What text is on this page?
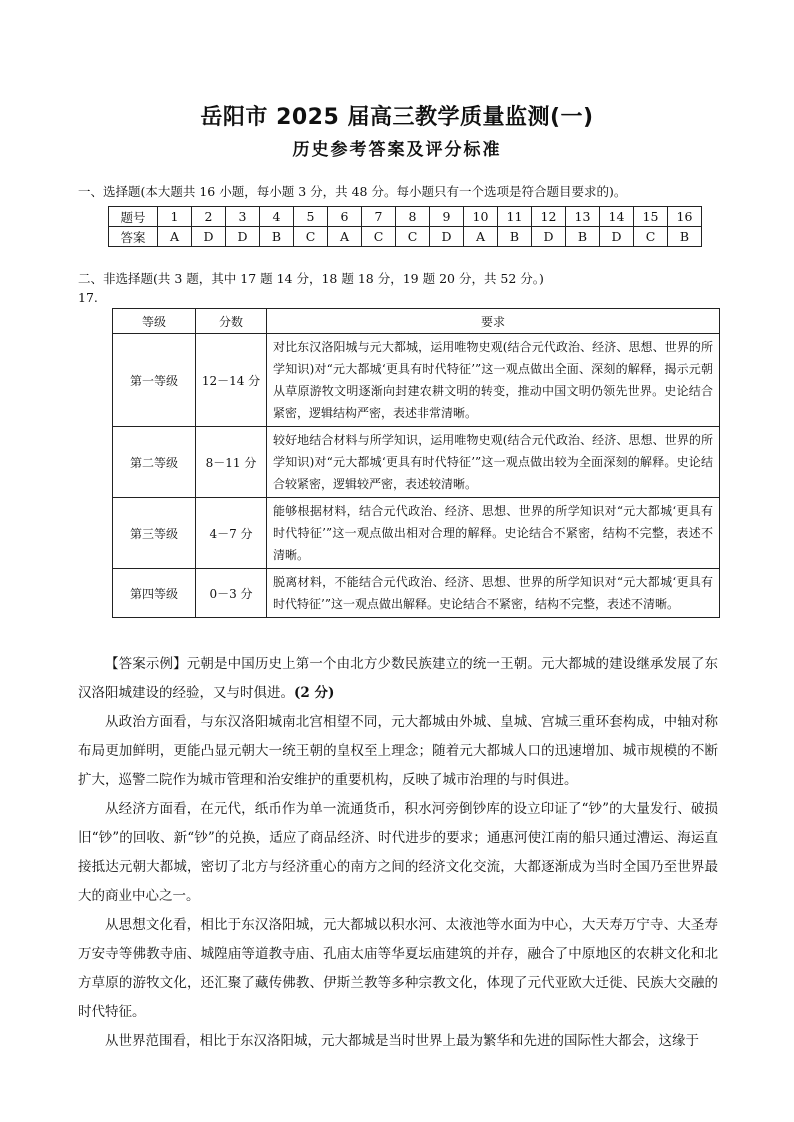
岳阳市 2025 届高三教学质量监测(一)
历史参考答案及评分标准
一、选择题(本大题共 16 小题，每小题 3 分，共 48 分。每小题只有一个选项是符合题目要求的)。
题号	1	2	3	4	5	6	7	8	9	10	11	12	13	14	15	16
答案	A	D	D	B	C	A	C	C	D	A	B	D	B	D	C	B
二、非选择题(共 3 题，其中 17 题 14 分，18 题 18 分，19 题 20 分，共 52 分。)
17.
等级	分数	要求
第一等级	12－14 分	对比东汉洛阳城与元大都城，运用唯物史观(结合元代政治、经济、思想、世界的所学知识)对“元大都城‘更具有时代特征’”这一观点做出全面、深刻的解释，揭示元朝从草原游牧文明逐渐向封建农耕文明的转变，推动中国文明仍领先世界。史论结合紧密，逻辑结构严密，表述非常清晰。
第二等级	8－11 分	较好地结合材料与所学知识，运用唯物史观(结合元代政治、经济、思想、世界的所学知识)对“元大都城‘更具有时代特征’”这一观点做出较为全面深刻的解释。史论结合较紧密，逻辑较严密，表述较清晰。
第三等级	4－7 分	能够根据材料，结合元代政治、经济、思想、世界的所学知识对“元大都城‘更具有时代特征’”这一观点做出相对合理的解释。史论结合不紧密，结构不完整，表述不清晰。
第四等级	0－3 分	脱离材料，不能结合元代政治、经济、思想、世界的所学知识对“元大都城‘更具有时代特征’”这一观点做出解释。史论结合不紧密，结构不完整，表述不清晰。

【答案示例】元朝是中国历史上第一个由北方少数民族建立的统一王朝。元大都城的建设继承发展了东汉洛阳城建设的经验，又与时俱进。(2 分)

从政治方面看，与东汉洛阳城南北宫相望不同，元大都城由外城、皇城、宫城三重环套构成，中轴对称布局更加鲜明，更能凸显元朝大一统王朝的皇权至上理念；随着元大都城人口的迅速增加、城市规模的不断扩大，巡警二院作为城市管理和治安维护的重要机构，反映了城市治理的与时俱进。

从经济方面看，在元代，纸币作为单一流通货币，积水河旁倒钞库的设立印证了“钞”的大量发行、破损旧“钞”的回收、新“钞”的兑换，适应了商品经济、时代进步的要求；通惠河使江南的船只通过漕运、海运直接抵达元朝大都城，密切了北方与经济重心的南方之间的经济文化交流，大都逐渐成为当时全国乃至世界最大的商业中心之一。

从思想文化看，相比于东汉洛阳城，元大都城以积水河、太液池等水面为中心，大天寿万宁寺、大圣寿万安寺等佛教寺庙、城隍庙等道教寺庙、孔庙太庙等华夏坛庙建筑的并存，融合了中原地区的农耕文化和北方草原的游牧文化，还汇聚了藏传佛教、伊斯兰教等多种宗教文化，体现了元代亚欧大迁徙、民族大交融的时代特征。

从世界范围看，相比于东汉洛阳城，元大都城是当时世界上最为繁华和先进的国际性大都会，这缘于
